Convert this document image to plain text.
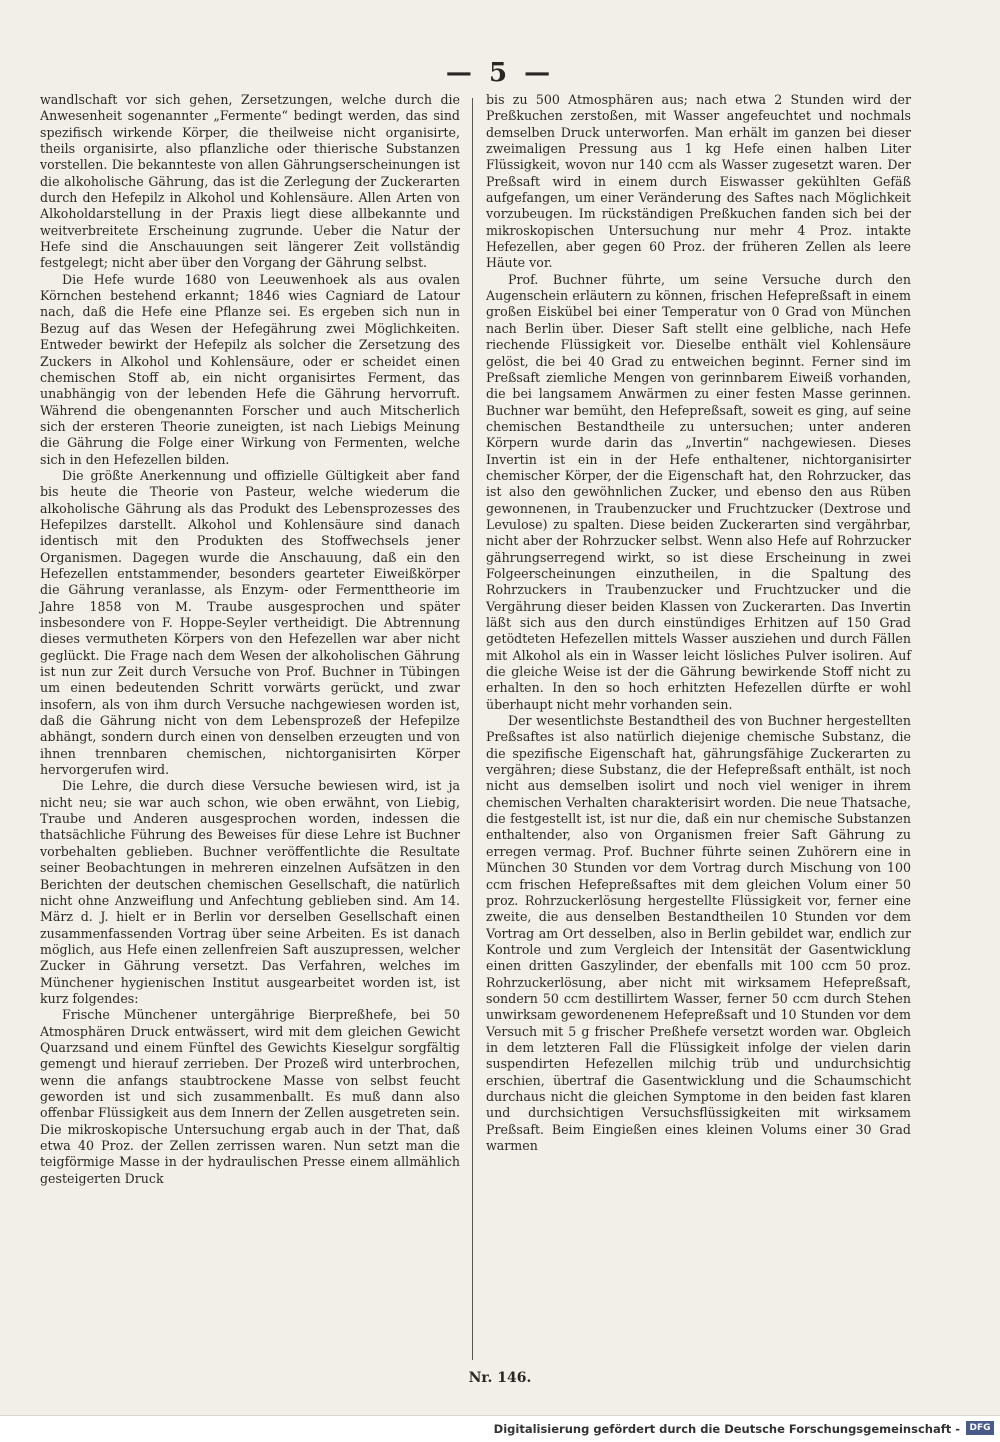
— 5 —

wandlschaft vor sich gehen, Zersetzungen, welche durch die Anwesenheit sogenannter „Fermente“ bedingt werden, das sind spezifisch wirkende Körper, die theilweise nicht organisirte, theils organisirte, also pflanzliche oder thierische Substanzen vorstellen. Die bekannteste von allen Gährungserscheinungen ist die alkoholische Gährung, das ist die Zerlegung der Zuckerarten durch den Hefepilz in Alkohol und Kohlensäure. Allen Arten von Alkoholdarstellung in der Praxis liegt diese allbekannte und weitverbreitete Erscheinung zugrunde. Ueber die Natur der Hefe sind die Anschauungen seit längerer Zeit vollständig festgelegt; nicht aber über den Vorgang der Gährung selbst.

Die Hefe wurde 1680 von Leeuwenhoek als aus ovalen Körnchen bestehend erkannt; 1846 wies Cagniard de Latour nach, daß die Hefe eine Pflanze sei. Es ergeben sich nun in Bezug auf das Wesen der Hefegährung zwei Möglichkeiten. Entweder bewirkt der Hefepilz als solcher die Zersetzung des Zuckers in Alkohol und Kohlensäure, oder er scheidet einen chemischen Stoff ab, ein nicht organisirtes Ferment, das unabhängig von der lebenden Hefe die Gährung hervorruft. Während die obengenannten Forscher und auch Mitscherlich sich der ersteren Theorie zuneigten, ist nach Liebigs Meinung die Gährung die Folge einer Wirkung von Fermenten, welche sich in den Hefezellen bilden.

Die größte Anerkennung und offizielle Gültigkeit aber fand bis heute die Theorie von Pasteur, welche wiederum die alkoholische Gährung als das Produkt des Lebensprozesses des Hefepilzes darstellt. Alkohol und Kohlensäure sind danach identisch mit den Produkten des Stoffwechsels jener Organismen. Dagegen wurde die Anschauung, daß ein den Hefezellen entstammender, besonders gearteter Eiweißkörper die Gährung veranlasse, als Enzym- oder Fermenttheorie im Jahre 1858 von M. Traube ausgesprochen und später insbesondere von F. Hoppe-Seyler vertheidigt. Die Abtrennung dieses vermutheten Körpers von den Hefezellen war aber nicht geglückt. Die Frage nach dem Wesen der alkoholischen Gährung ist nun zur Zeit durch Versuche von Prof. Buchner in Tübingen um einen bedeutenden Schritt vorwärts gerückt, und zwar insofern, als von ihm durch Versuche nachgewiesen worden ist, daß die Gährung nicht von dem Lebensprozeß der Hefepilze abhängt, sondern durch einen von denselben erzeugten und von ihnen trennbaren chemischen, nichtorganisirten Körper hervorgerufen wird.

Die Lehre, die durch diese Versuche bewiesen wird, ist ja nicht neu; sie war auch schon, wie oben erwähnt, von Liebig, Traube und Anderen ausgesprochen worden, indessen die thatsächliche Führung des Beweises für diese Lehre ist Buchner vorbehalten geblieben. Buchner veröffentlichte die Resultate seiner Beobachtungen in mehreren einzelnen Aufsätzen in den Berichten der deutschen chemischen Gesellschaft, die natürlich nicht ohne Anzweiflung und Anfechtung geblieben sind. Am 14. März d. J. hielt er in Berlin vor derselben Gesellschaft einen zusammenfassenden Vortrag über seine Arbeiten. Es ist danach möglich, aus Hefe einen zellenfreien Saft auszupressen, welcher Zucker in Gährung versetzt. Das Verfahren, welches im Münchener hygienischen Institut ausgearbeitet worden ist, ist kurz folgendes:

Frische Münchener untergährige Bierpreßhefe, bei 50 Atmosphären Druck entwässert, wird mit dem gleichen Gewicht Quarzsand und einem Fünftel des Gewichts Kieselgur sorgfältig gemengt und hierauf zerrieben. Der Prozeß wird unterbrochen, wenn die anfangs staubtrockene Masse von selbst feucht geworden ist und sich zusammenballt. Es muß dann also offenbar Flüssigkeit aus dem Innern der Zellen ausgetreten sein. Die mikroskopische Untersuchung ergab auch in der That, daß etwa 40 Proz. der Zellen zerrissen waren. Nun setzt man die teigförmige Masse in der hydraulischen Presse einem allmählich gesteigerten Druck

bis zu 500 Atmosphären aus; nach etwa 2 Stunden wird der Preßkuchen zerstoßen, mit Wasser angefeuchtet und nochmals demselben Druck unterworfen. Man erhält im ganzen bei dieser zweimaligen Pressung aus 1 kg Hefe einen halben Liter Flüssigkeit, wovon nur 140 ccm als Wasser zugesetzt waren. Der Preßsaft wird in einem durch Eiswasser gekühlten Gefäß aufgefangen, um einer Veränderung des Saftes nach Möglichkeit vorzubeugen. Im rückständigen Preßkuchen fanden sich bei der mikroskopischen Untersuchung nur mehr 4 Proz. intakte Hefezellen, aber gegen 60 Proz. der früheren Zellen als leere Häute vor.

Prof. Buchner führte, um seine Versuche durch den Augenschein erläutern zu können, frischen Hefepreßsaft in einem großen Eiskübel bei einer Temperatur von 0 Grad von München nach Berlin über. Dieser Saft stellt eine gelbliche, nach Hefe riechende Flüssigkeit vor. Dieselbe enthält viel Kohlensäure gelöst, die bei 40 Grad zu entweichen beginnt. Ferner sind im Preßsaft ziemliche Mengen von gerinnbarem Eiweiß vorhanden, die bei langsamem Anwärmen zu einer festen Masse gerinnen. Buchner war bemüht, den Hefepreßsaft, soweit es ging, auf seine chemischen Bestandtheile zu untersuchen; unter anderen Körpern wurde darin das „Invertin“ nachgewiesen. Dieses Invertin ist ein in der Hefe enthaltener, nichtorganisirter chemischer Körper, der die Eigenschaft hat, den Rohrzucker, das ist also den gewöhnlichen Zucker, und ebenso den aus Rüben gewonnenen, in Traubenzucker und Fruchtzucker (Dextrose und Levulose) zu spalten. Diese beiden Zuckerarten sind vergährbar, nicht aber der Rohrzucker selbst. Wenn also Hefe auf Rohrzucker gährungserregend wirkt, so ist diese Erscheinung in zwei Folgeerscheinungen einzutheilen, in die Spaltung des Rohrzuckers in Traubenzucker und Fruchtzucker und die Vergährung dieser beiden Klassen von Zuckerarten. Das Invertin läßt sich aus den durch einstündiges Erhitzen auf 150 Grad getödteten Hefezellen mittels Wasser ausziehen und durch Fällen mit Alkohol als ein in Wasser leicht lösliches Pulver isoliren. Auf die gleiche Weise ist der die Gährung bewirkende Stoff nicht zu erhalten. In den so hoch erhitzten Hefezellen dürfte er wohl überhaupt nicht mehr vorhanden sein.

Der wesentlichste Bestandtheil des von Buchner hergestellten Preßsaftes ist also natürlich diejenige chemische Substanz, die die spezifische Eigenschaft hat, gährungsfähige Zuckerarten zu vergähren; diese Substanz, die der Hefepreßsaft enthält, ist noch nicht aus demselben isolirt und noch viel weniger in ihrem chemischen Verhalten charakterisirt worden. Die neue Thatsache, die festgestellt ist, ist nur die, daß ein nur chemische Substanzen enthaltender, also von Organismen freier Saft Gährung zu erregen vermag. Prof. Buchner führte seinen Zuhörern eine in München 30 Stunden vor dem Vortrag durch Mischung von 100 ccm frischen Hefepreßsaftes mit dem gleichen Volum einer 50 proz. Rohrzuckerlösung hergestellte Flüssigkeit vor, ferner eine zweite, die aus denselben Bestandtheilen 10 Stunden vor dem Vortrag am Ort desselben, also in Berlin gebildet war, endlich zur Kontrole und zum Vergleich der Intensität der Gasentwicklung einen dritten Gaszylinder, der ebenfalls mit 100 ccm 50 proz. Rohrzuckerlösung, aber nicht mit wirksamem Hefepreßsaft, sondern 50 ccm destillirtem Wasser, ferner 50 ccm durch Stehen unwirksam gewordenenem Hefepreßsaft und 10 Stunden vor dem Versuch mit 5 g frischer Preßhefe versetzt worden war. Obgleich in dem letzteren Fall die Flüssigkeit infolge der vielen darin suspendirten Hefezellen milchig trüb und undurchsichtig erschien, übertraf die Gasentwicklung und die Schaumschicht durchaus nicht die gleichen Symptome in den beiden fast klaren und durchsichtigen Versuchsflüssigkeiten mit wirksamem Preßsaft. Beim Eingießen eines kleinen Volums einer 30 Grad warmen

Nr. 146.
Digitalisierung gefördert durch die Deutsche Forschungsgemeinschaft -	DFG
